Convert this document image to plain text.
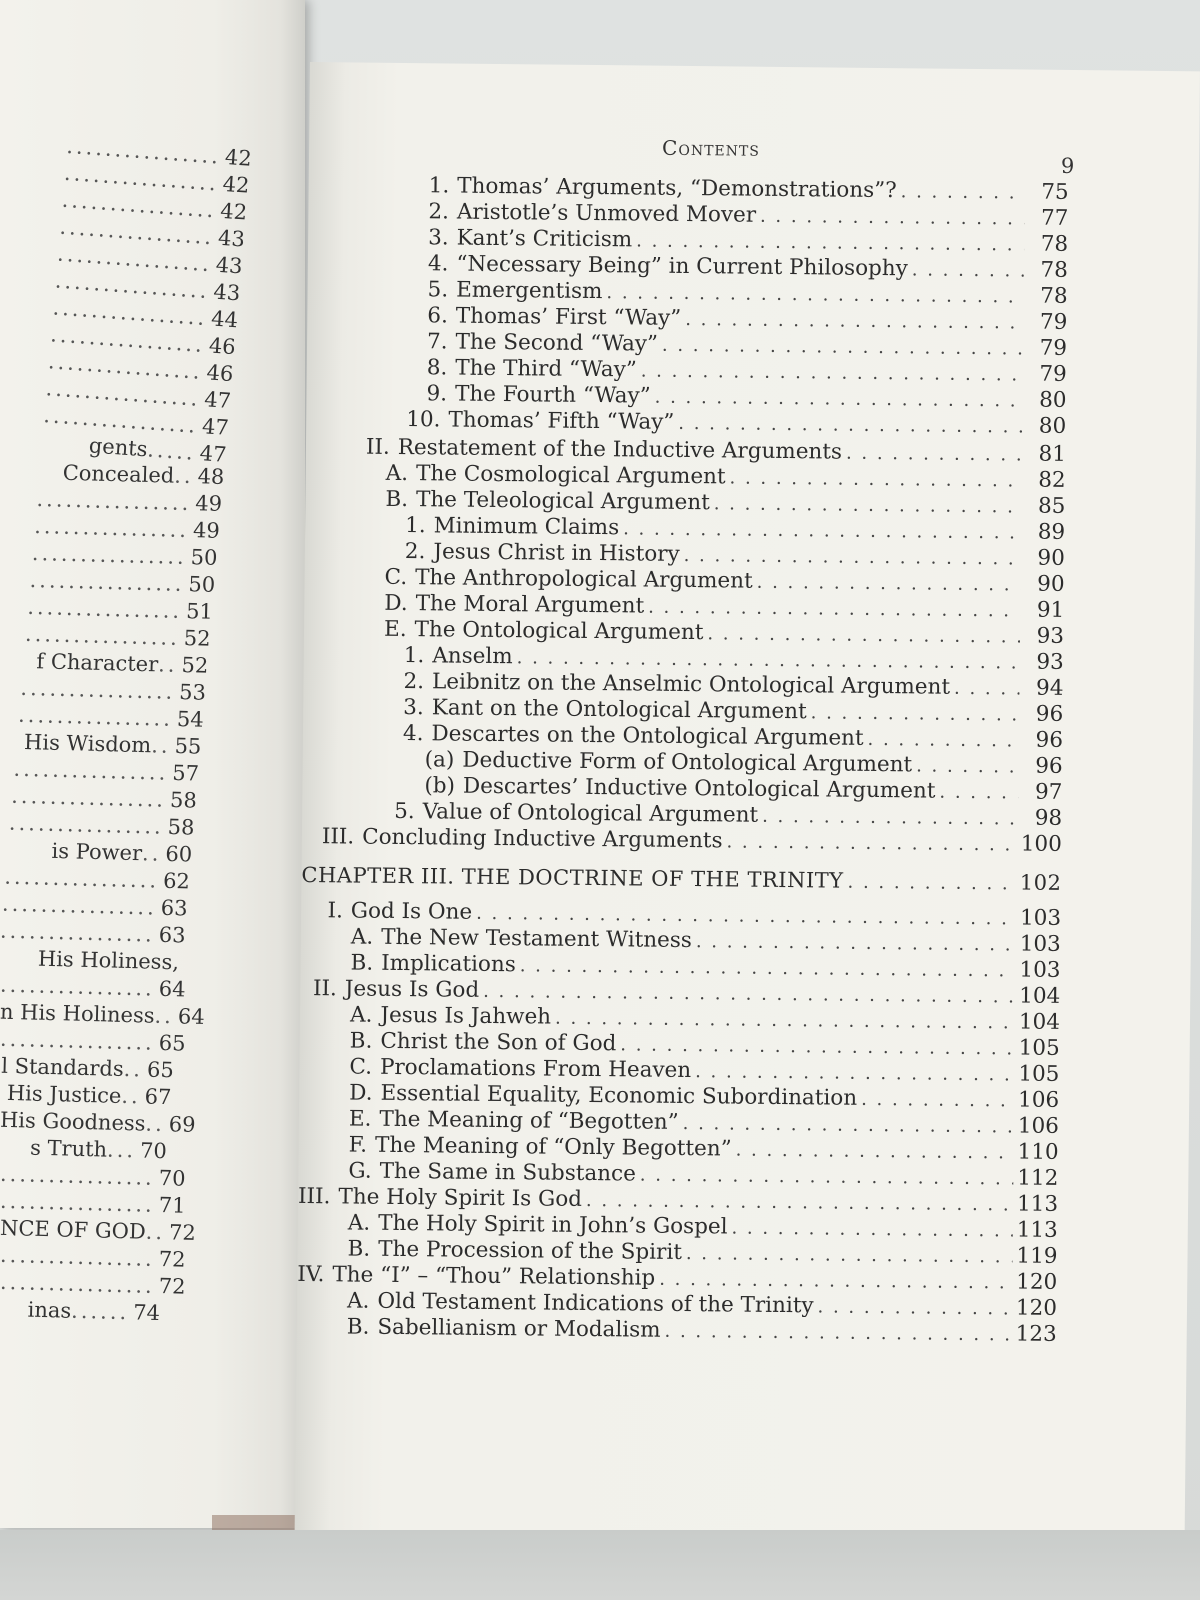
................ 42
................ 42
................ 42
................ 43
................ 43
................ 43
................ 44
................ 46
................ 46
................ 47
................ 47
gents..... 47
Concealed.. 48
................ 49
................ 49
................ 50
................ 50
................ 51
................ 52
f Character.. 52
................ 53
................ 54
His Wisdom.. 55
................ 57
................ 58
................ 58
is Power.. 60
................ 62
................ 63
................ 63
His Holiness,
................ 64
n His Holiness.. 64
................ 65
l Standards.. 65
His Justice.. 67
His Goodness.. 69
s Truth... 70
................ 70
................ 71
NCE OF GOD.. 72
................ 72
................ 72
inas...... 74
Contents
9
1. Thomas’ Arguments, “Demonstrations”? . . .	75
2. Aristotle’s Unmoved Mover . . .	77
3. Kant’s Criticism . . .	78
4. “Necessary Being” in Current Philosophy . . .	78
5. Emergentism . . .	78
6. Thomas’ First “Way” . . .	79
7. The Second “Way” . . .	79
8. The Third “Way” . . .	79
9. The Fourth “Way” . . .	80
10. Thomas’ Fifth “Way” . . .	80
II. Restatement of the Inductive Arguments . . .	81
A. The Cosmological Argument . . .	82
B. The Teleological Argument . . .	85
1. Minimum Claims . . .	89
2. Jesus Christ in History . . .	90
C. The Anthropological Argument . . .	90
D. The Moral Argument . . .	91
E. The Ontological Argument . . .	93
1. Anselm . . .	93
2. Leibnitz on the Anselmic Ontological Argument . . .	94
3. Kant on the Ontological Argument . . .	96
4. Descartes on the Ontological Argument . . .	96
(a) Deductive Form of Ontological Argument . . .	96
(b) Descartes’ Inductive Ontological Argument . . .	97
5. Value of Ontological Argument . . .	98
III. Concluding Inductive Arguments . . .	100
CHAPTER III. THE DOCTRINE OF THE TRINITY . . .	102
I. God Is One . . .	103
A. The New Testament Witness . . .	103
B. Implications . . .	103
II. Jesus Is God . . .	104
A. Jesus Is Jahweh . . .	104
B. Christ the Son of God . . .	105
C. Proclamations From Heaven . . .	105
D. Essential Equality, Economic Subordination . . .	106
E. The Meaning of “Begotten” . . .	106
F. The Meaning of “Only Begotten” . . .	110
G. The Same in Substance . . .	112
III. The Holy Spirit Is God . . .	113
A. The Holy Spirit in John’s Gospel . . .	113
B. The Procession of the Spirit . . .	119
IV. The “I” – “Thou” Relationship . . .	120
A. Old Testament Indications of the Trinity . . .	120
B. Sabellianism or Modalism . . .	123
